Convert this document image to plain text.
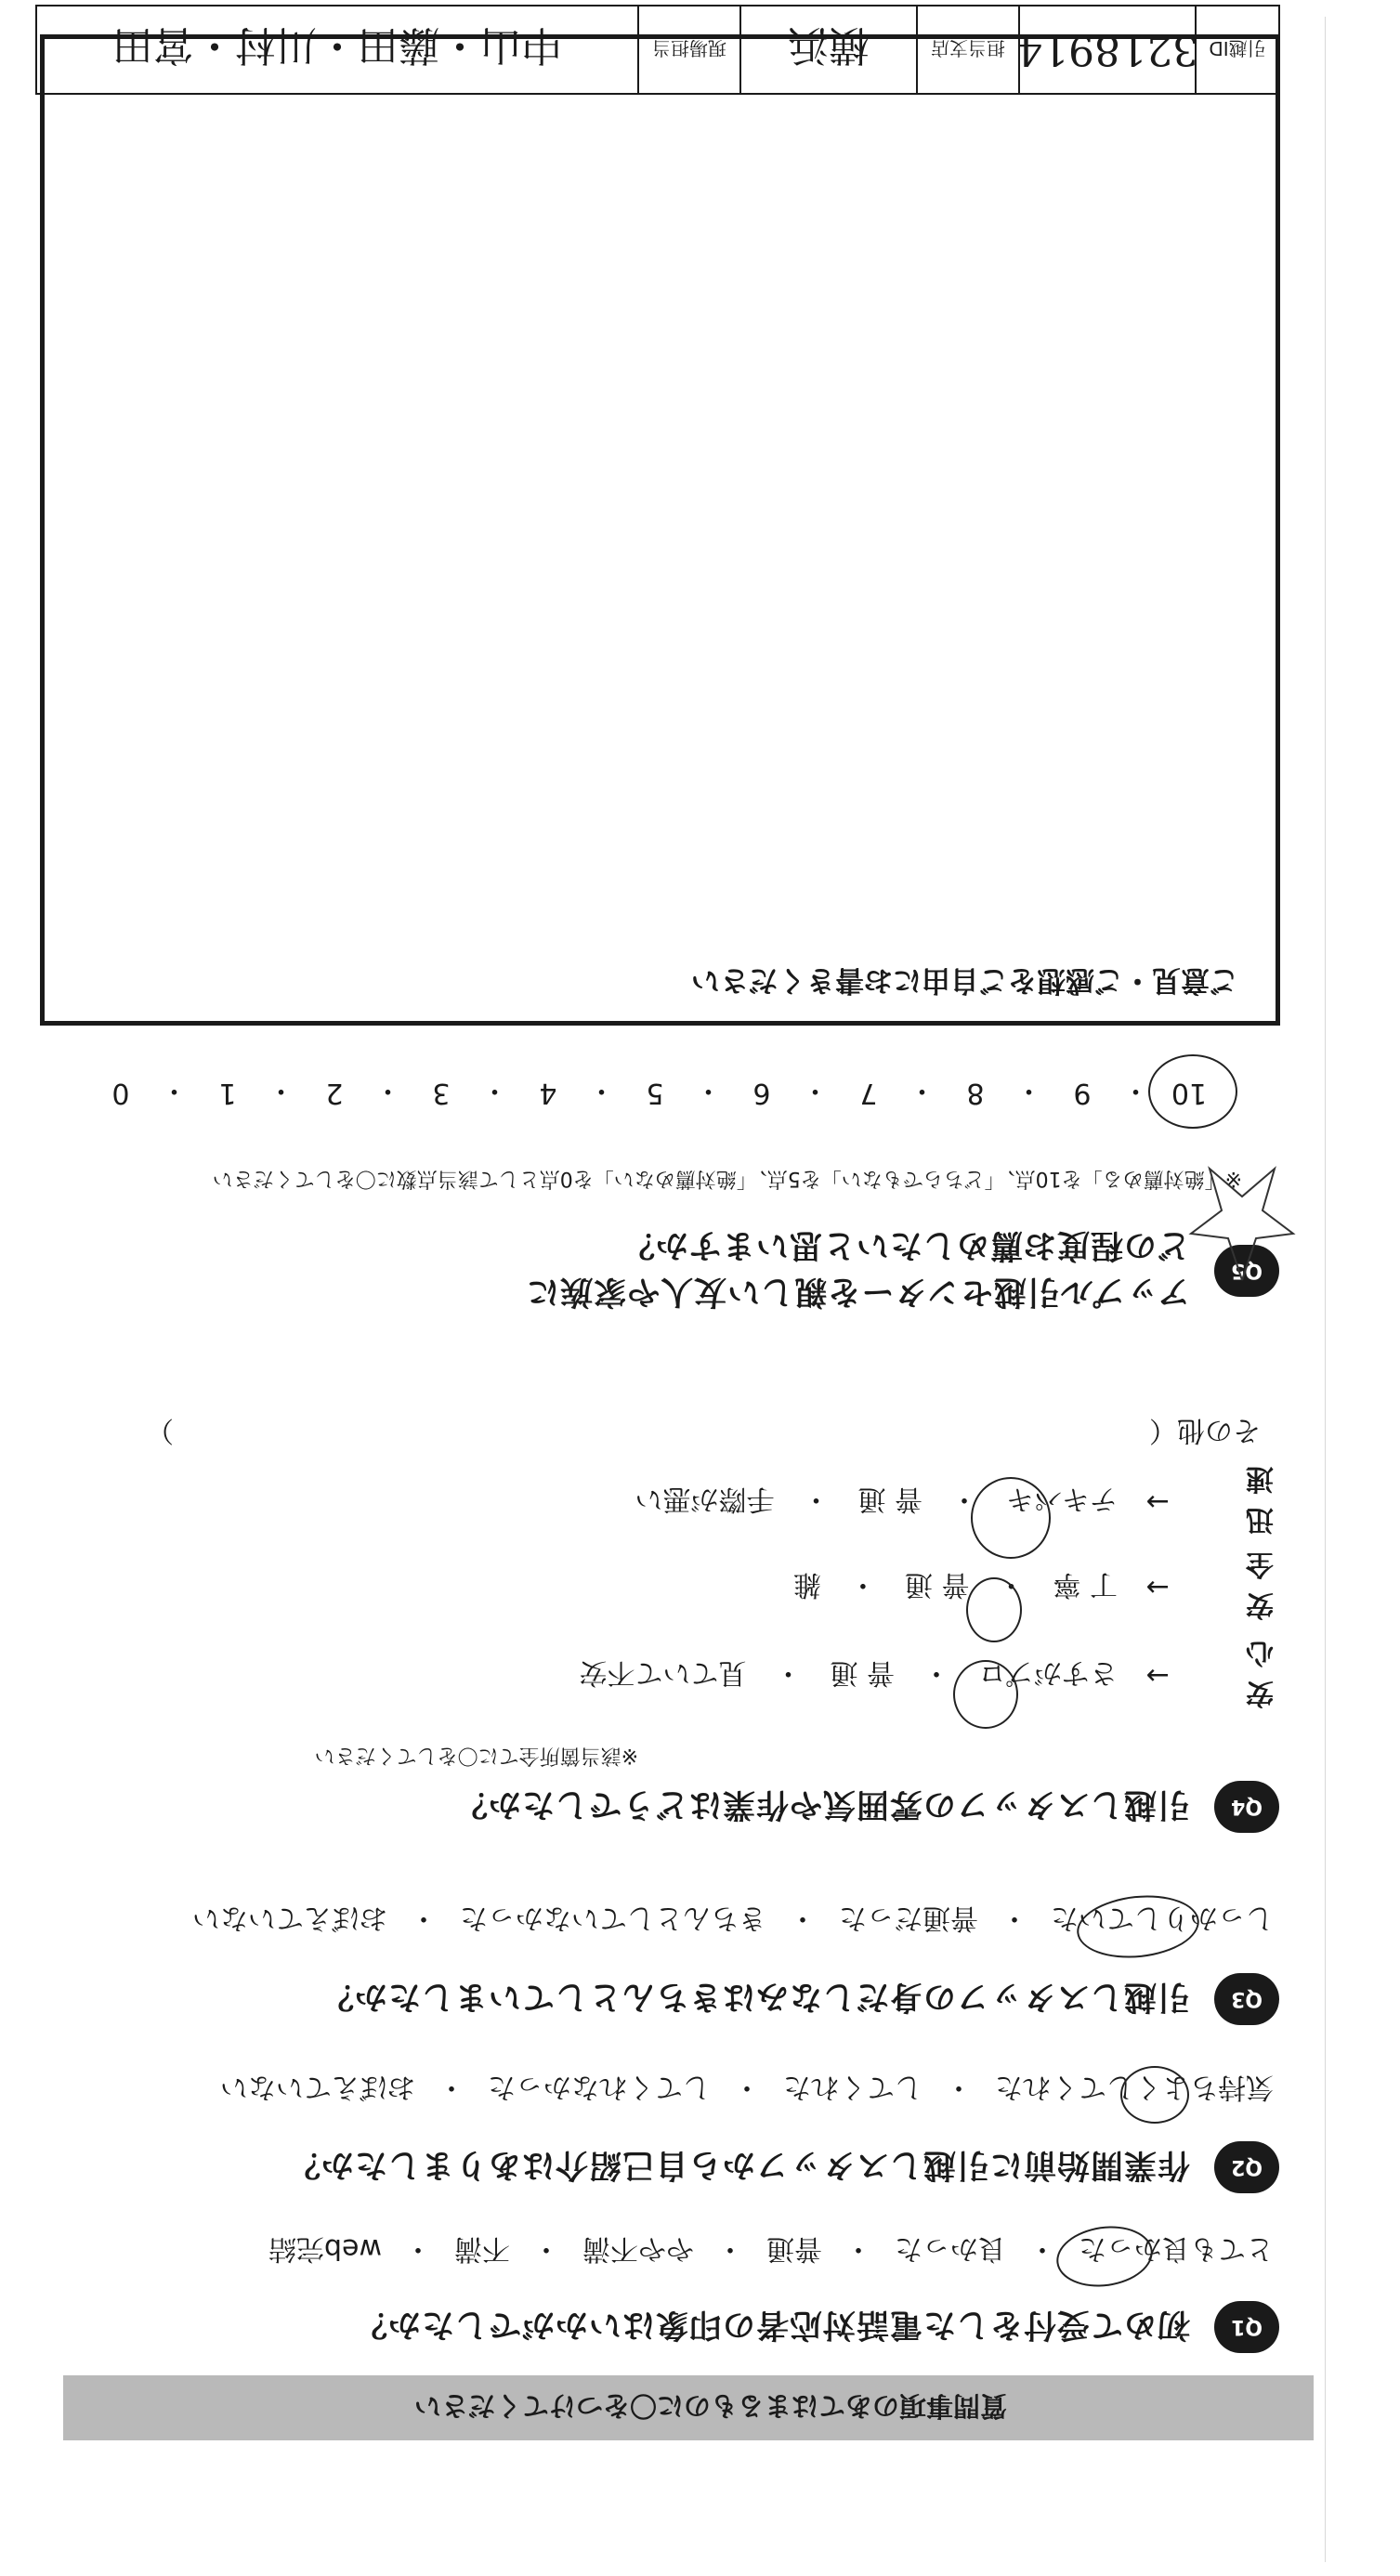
質問事項のあてはまるものに〇をつけてください
Q1
初めて受付をした電話対応者の印象はいかがでしたか？
とても良かった
・
良かった
・
普通
・
やや不満
・
不満
・
web完結
Q2
作業開始前に引越しスタッフから自己紹介はありましたか？
気持ちよくしてくれた
・
してくれた
・
してくれなかった
・
おぼえていない
Q3
引越しスタッフの身だしなみはきちんとしていましたか？
しっかりしていた
・
普通だった
・
きちんとしていなかった
・
おぼえていない
Q4
引越しスタッフの雰囲気や作業はどうでしたか？
※該当箇所全てに〇をしてください
安心
→
さすがプロ
・
普 通
・
見ていて不安
安全
→
丁 寧
・
普 通
・
雑
迅速
→
テキパキ
・
普 通
・
手際が悪い
その他（
）
Q5
アップル引越センターを親しい友人や家族に
どの程度お薦めしたいと思いますか？
※「絶対薦める」を10点、「どちらでもない」を5点、「絶対薦めない」を0点として該当点数に〇をしてください
10
・
9
・
8
・
7
・
6
・
5
・
4
・
3
・
2
・
1
・
0
ご意見・ご感想をご自由にお書きください
引越ID
3218914
担当支店
横浜
現場担当
中山・藤田・川村・宮田
